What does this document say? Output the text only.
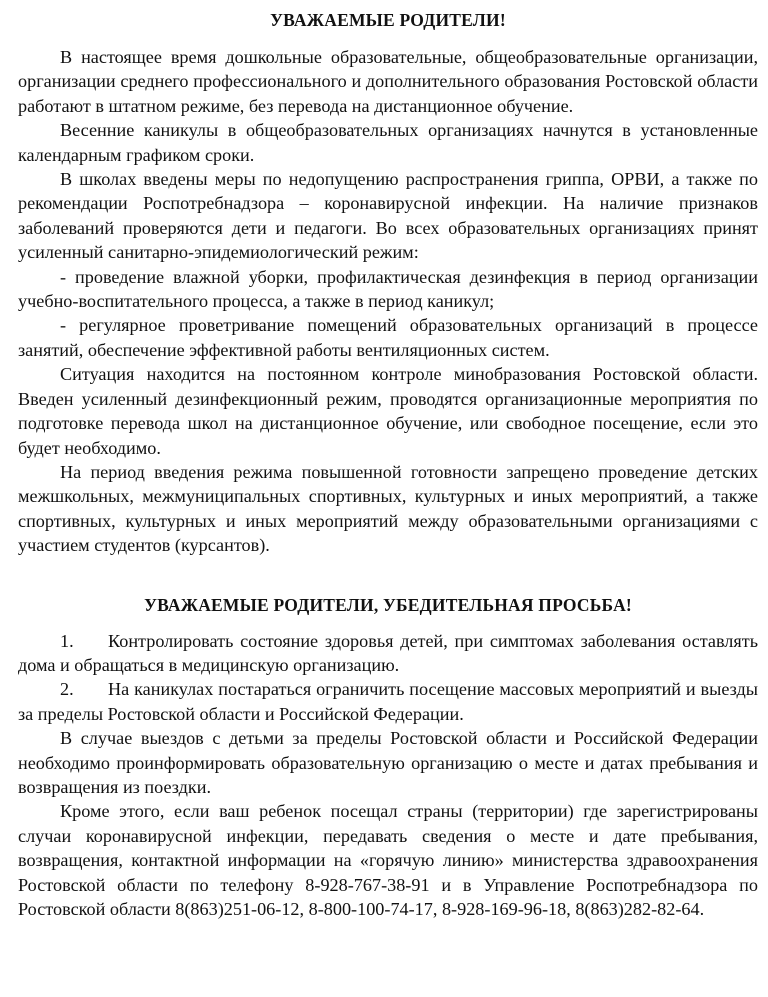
УВАЖАЕМЫЕ РОДИТЕЛИ!

В настоящее время дошкольные образовательные, общеобразовательные организации, организации среднего профессионального и дополнительного образования Ростовской области работают в штатном режиме, без перевода на дистанционное обучение.

Весенние каникулы в общеобразовательных организациях начнутся в установленные календарным графиком сроки.

В школах введены меры по недопущению распространения гриппа, ОРВИ, а также по рекомендации Роспотребнадзора – коронавирусной инфекции. На наличие признаков заболеваний проверяются дети и педагоги. Во всех образовательных организациях принят усиленный санитарно-эпидемиологический режим:

- проведение влажной уборки, профилактическая дезинфекция в период организации учебно-воспитательного процесса, а также в период каникул;

- регулярное проветривание помещений образовательных организаций в процессе занятий, обеспечение эффективной работы вентиляционных систем.

Ситуация находится на постоянном контроле минобразования Ростовской области. Введен усиленный дезинфекционный режим, проводятся организационные мероприятия по подготовке перевода школ на дистанционное обучение, или свободное посещение, если это будет необходимо.

На период введения режима повышенной готовности запрещено проведение детских межшкольных, межмуниципальных спортивных, культурных и иных мероприятий, а также спортивных, культурных и иных мероприятий между образовательными организациями с участием студентов (курсантов).

УВАЖАЕМЫЕ РОДИТЕЛИ, УБЕДИТЕЛЬНАЯ ПРОСЬБА!

1. Контролировать состояние здоровья детей, при симптомах заболевания оставлять дома и обращаться в медицинскую организацию.

2. На каникулах постараться ограничить посещение массовых мероприятий и выезды за пределы Ростовской области и Российской Федерации.

В случае выездов с детьми за пределы Ростовской области и Российской Федерации необходимо проинформировать образовательную организацию о месте и датах пребывания и возвращения из поездки.

Кроме этого, если ваш ребенок посещал страны (территории) где зарегистрированы случаи коронавирусной инфекции, передавать сведения о месте и дате пребывания, возвращения, контактной информации на «горячую линию» министерства здравоохранения Ростовской области по телефону 8-928-767-38-91 и в Управление Роспотребнадзора по Ростовской области 8(863)251-06-12, 8-800-100-74-17, 8-928-169-96-18, 8(863)282-82-64.
